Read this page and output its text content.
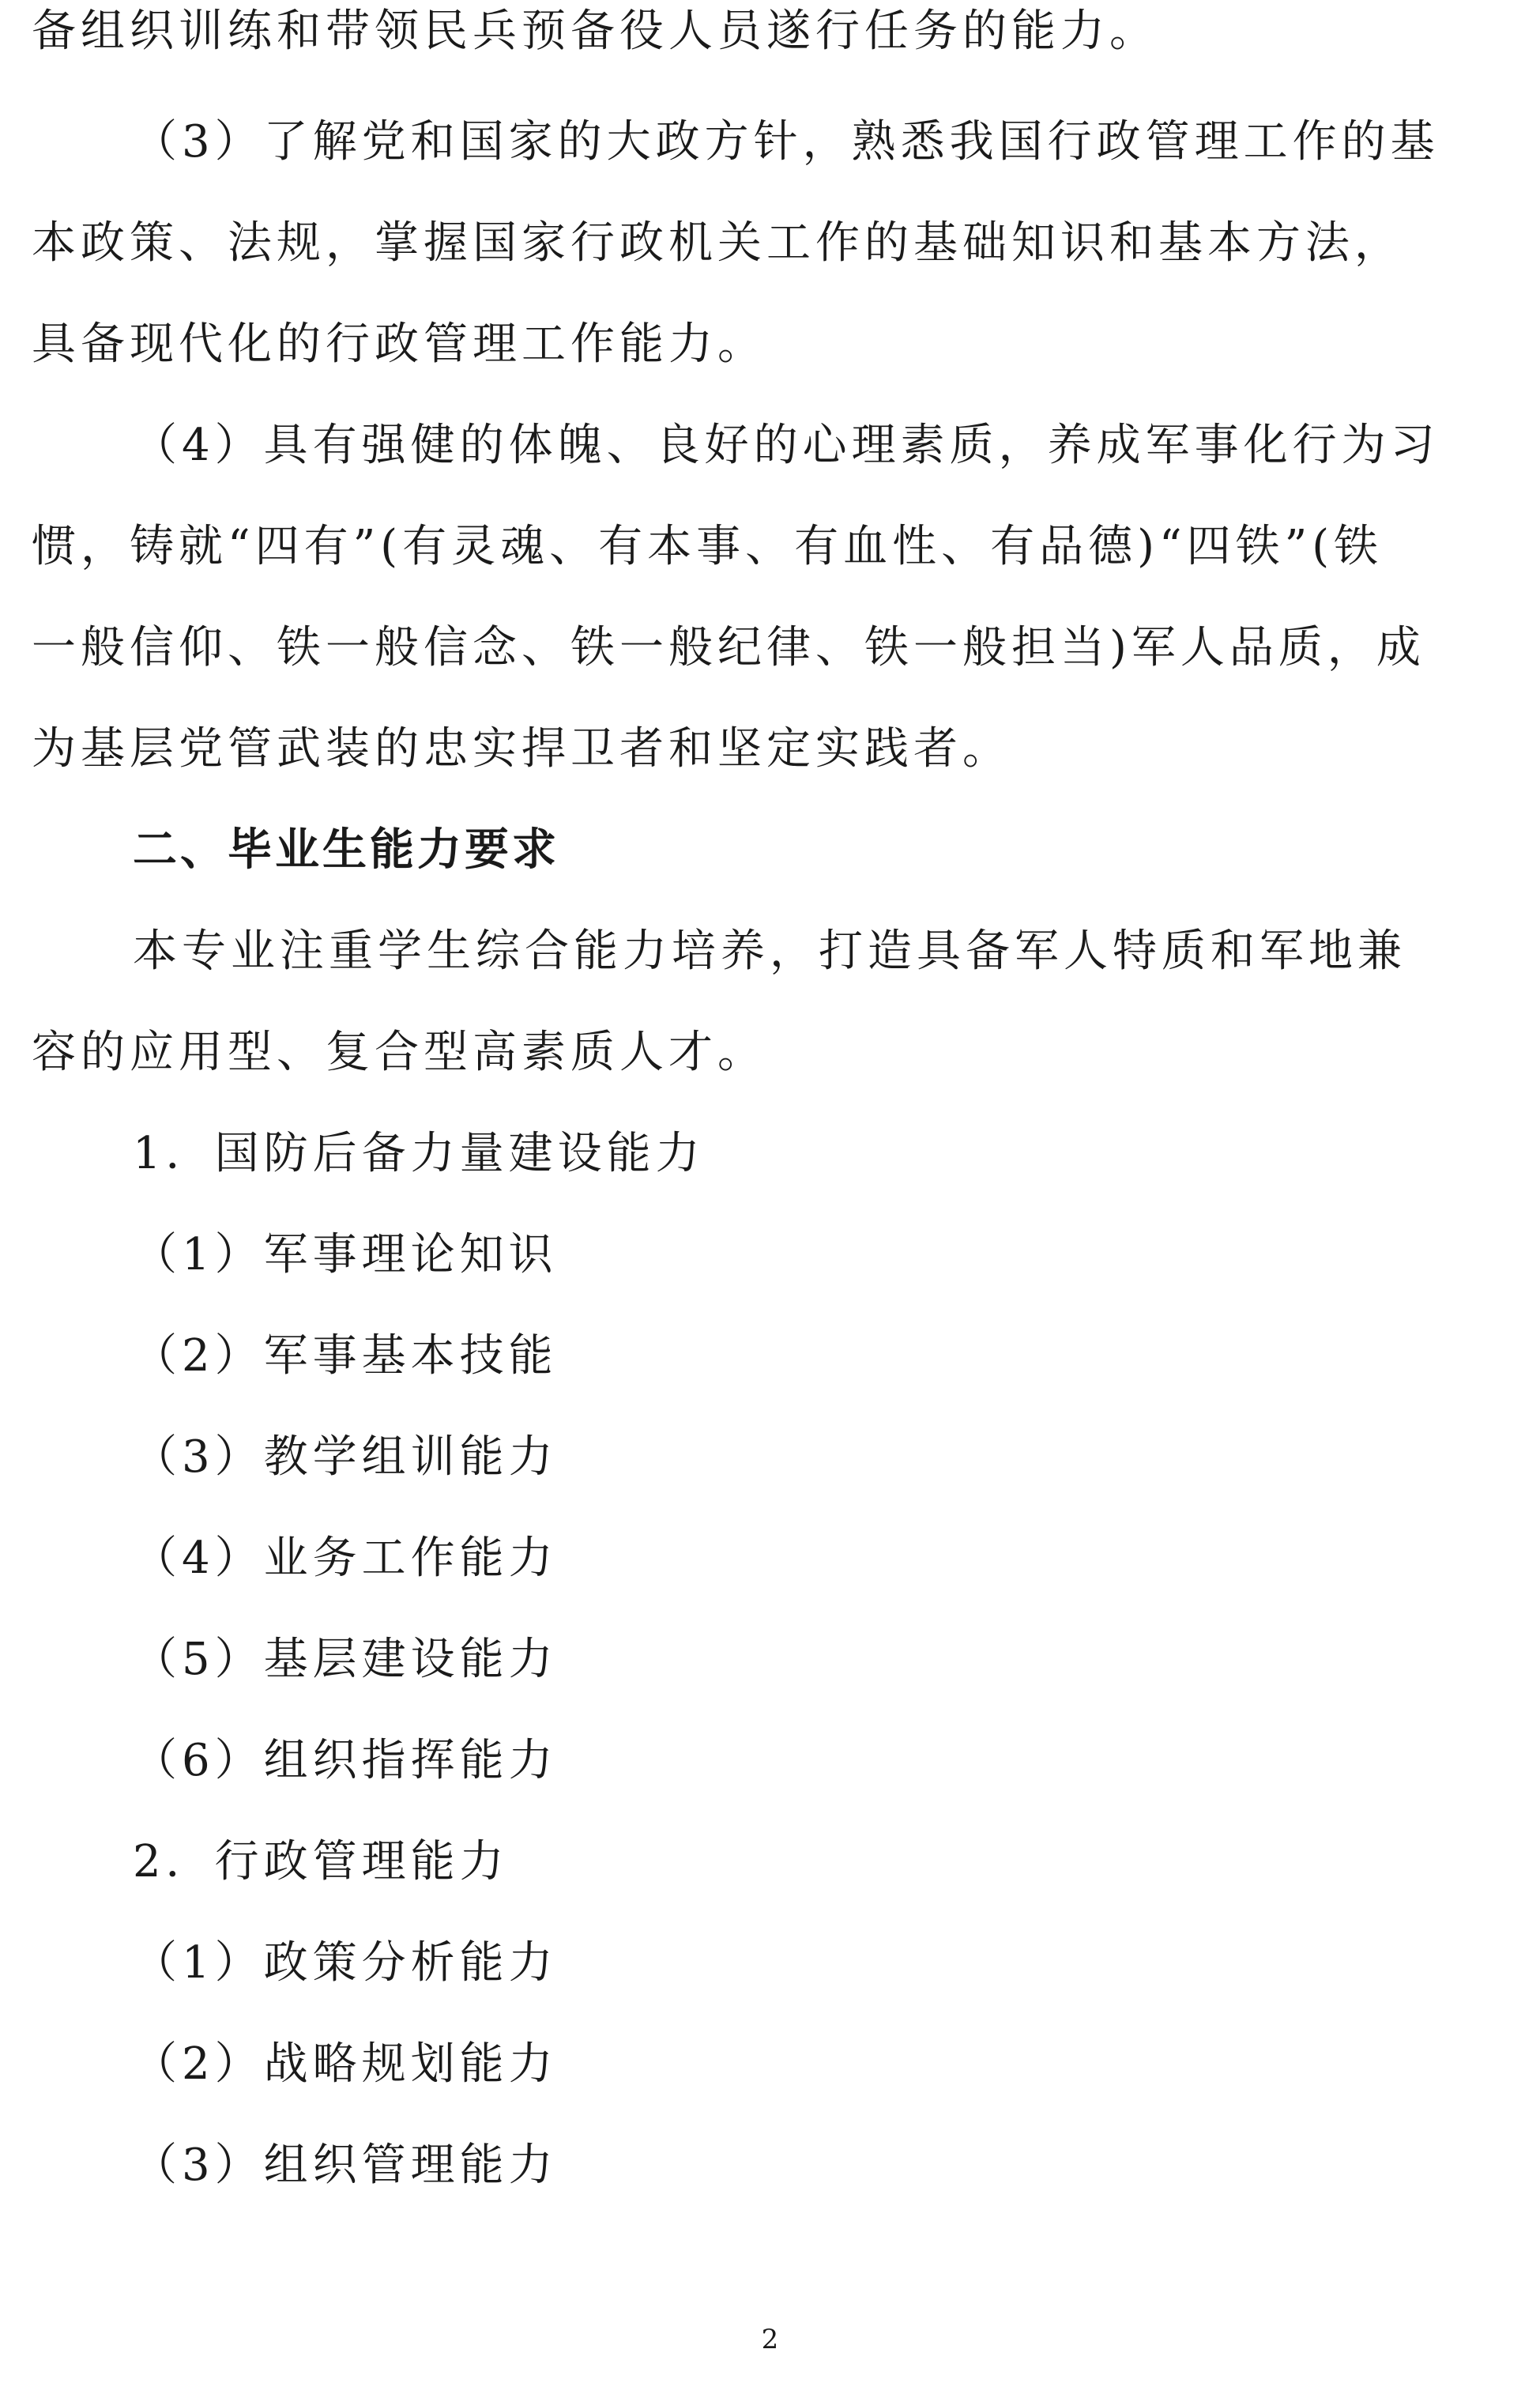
备组织训练和带领民兵预备役人员遂行任务的能力。
（3）了解党和国家的大政方针，熟悉我国行政管理工作的基
本政策、法规，掌握国家行政机关工作的基础知识和基本方法，
具备现代化的行政管理工作能力。
（4）具有强健的体魄、良好的心理素质，养成军事化行为习
惯，铸就“四有”(有灵魂、有本事、有血性、有品德)“四铁”(铁
一般信仰、铁一般信念、铁一般纪律、铁一般担当)军人品质，成
为基层党管武装的忠实捍卫者和坚定实践者。
二、毕业生能力要求
本专业注重学生综合能力培养，打造具备军人特质和军地兼
容的应用型、复合型高素质人才。
1．国防后备力量建设能力
（1）军事理论知识
（2）军事基本技能
（3）教学组训能力
（4）业务工作能力
（5）基层建设能力
（6）组织指挥能力
2．行政管理能力
（1）政策分析能力
（2）战略规划能力
（3）组织管理能力
2
